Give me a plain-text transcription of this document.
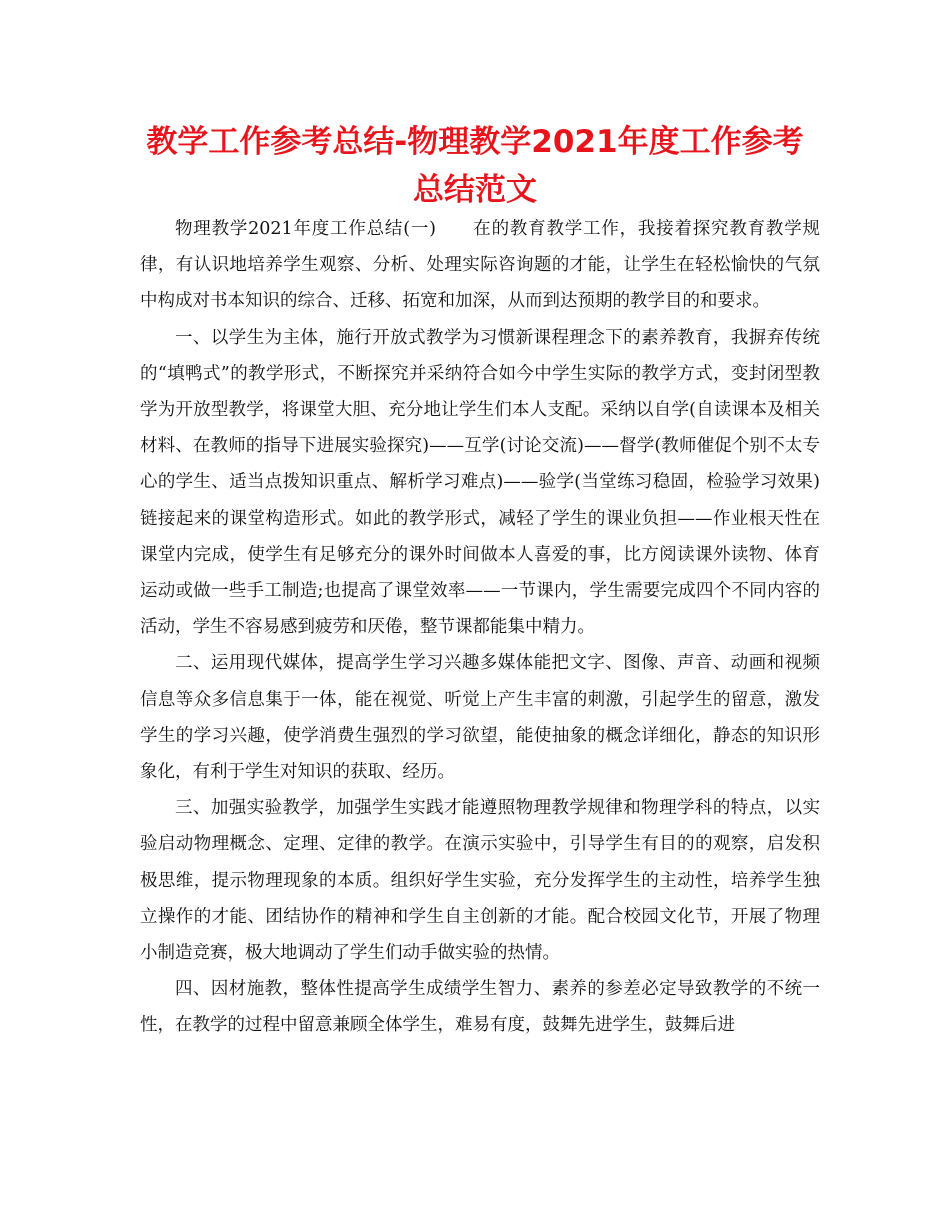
教学工作参考总结-物理教学2021年度工作参考总结范文

物理教学2021年度工作总结(一)　　在的教育教学工作，我接着探究教育教学规律，有认识地培养学生观察、分析、处理实际咨询题的才能，让学生在轻松愉快的气氛中构成对书本知识的综合、迁移、拓宽和加深，从而到达预期的教学目的和要求。

一、以学生为主体，施行开放式教学为习惯新课程理念下的素养教育，我摒弃传统的“填鸭式”的教学形式，不断探究并采纳符合如今中学生实际的教学方式，变封闭型教学为开放型教学，将课堂大胆、充分地让学生们本人支配。采纳以自学(自读课本及相关材料、在教师的指导下进展实验探究)——互学(讨论交流)——督学(教师催促个别不太专心的学生、适当点拨知识重点、解析学习难点)——验学(当堂练习稳固，检验学习效果)链接起来的课堂构造形式。如此的教学形式，减轻了学生的课业负担——作业根天性在课堂内完成，使学生有足够充分的课外时间做本人喜爱的事，比方阅读课外读物、体育运动或做一些手工制造;也提高了课堂效率——一节课内，学生需要完成四个不同内容的活动，学生不容易感到疲劳和厌倦，整节课都能集中精力。

二、运用现代媒体，提高学生学习兴趣多媒体能把文字、图像、声音、动画和视频信息等众多信息集于一体，能在视觉、听觉上产生丰富的刺激，引起学生的留意，激发学生的学习兴趣，使学消费生强烈的学习欲望，能使抽象的概念详细化，静态的知识形象化，有利于学生对知识的获取、经历。

三、加强实验教学，加强学生实践才能遵照物理教学规律和物理学科的特点，以实验启动物理概念、定理、定律的教学。在演示实验中，引导学生有目的的观察，启发积极思维，提示物理现象的本质。组织好学生实验，充分发挥学生的主动性，培养学生独立操作的才能、团结协作的精神和学生自主创新的才能。配合校园文化节，开展了物理小制造竞赛，极大地调动了学生们动手做实验的热情。

四、因材施教，整体性提高学生成绩学生智力、素养的参差必定导致教学的不统一性，在教学的过程中留意兼顾全体学生，难易有度，鼓舞先进学生，鼓舞后进
